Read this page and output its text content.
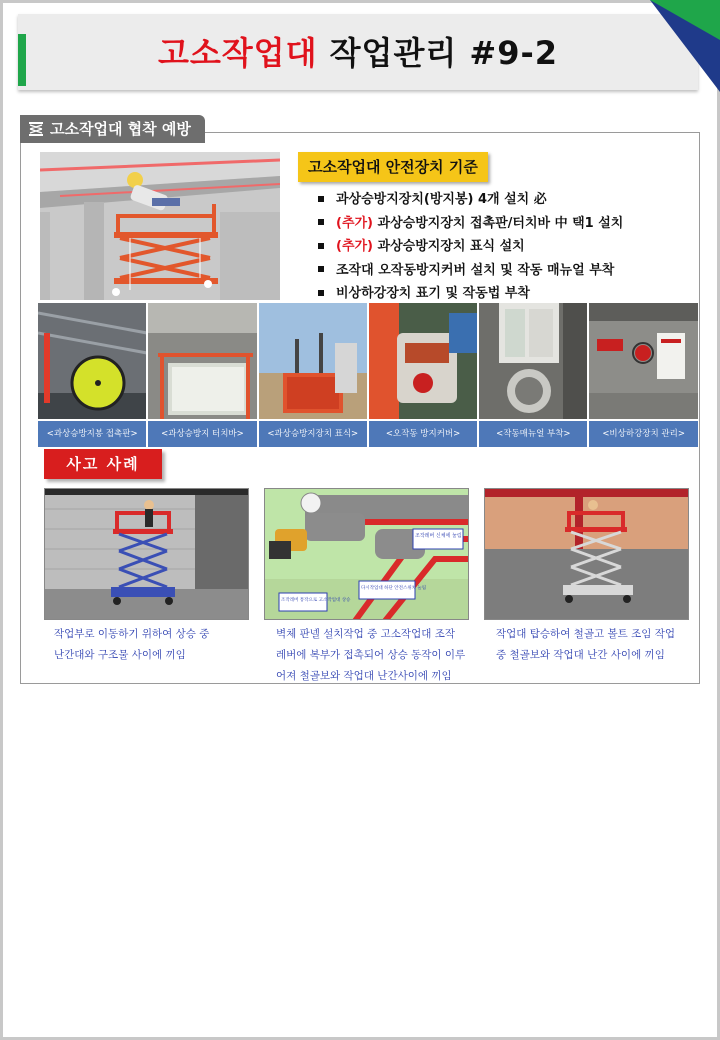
고소작업대 작업관리 #9-2
고소작업대 협착 예방
고소작업대 안전장치 기준
과상승방지장치(방지봉) 4개 설치 必
(추가) 과상승방지장치 접촉판/터치바 中 택1 설치
(추가) 과상승방지장치 표식 설치
조작대 오작동방지커버 설치 및 작동 매뉴얼 부착
비상하강장치 표기 및 작동법 부착
<과상승방지봉 접촉판>	<과상승방지 터치바>	<과상승방지장치 표식>	<오작동 방지커버>	<작동매뉴얼 부착>	<비상하강장치 관리>
사고 사례
조작레버 신체에 눌림
조작레버 통작으로 고소작업대 상승
다시작업대 하단 안전스위치 눌림
작업부로 이동하기 위하여 상승 중
난간대와 구조물 사이에 끼임
벽체 판넬 설치작업 중 고소작업대 조작
레버에 복부가 접촉되어 상승 동작이 이루
어져 철골보와 작업대 난간사이에 끼임
작업대 탑승하여 철골고 볼트 조임 작업
중 철골보와 작업대 난간 사이에 끼임
